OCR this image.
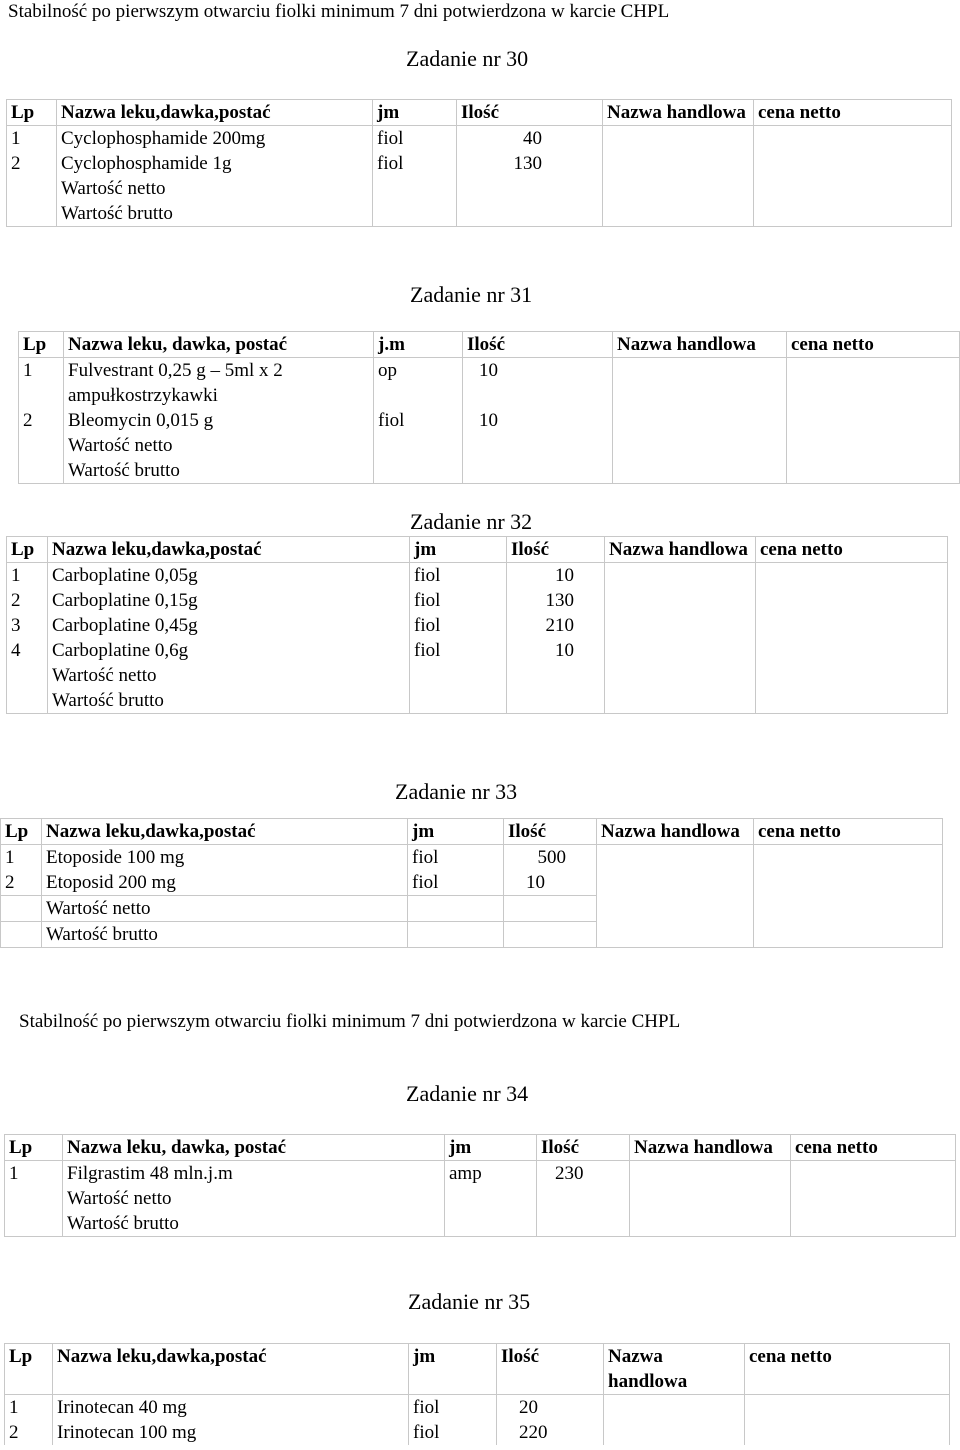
Stabilność po pierwszym otwarciu fiolki minimum 7 dni potwierdzona w karcie CHPL
Zadanie nr 30
Lp	Nazwa leku,dawka,postać	jm	Ilość	Nazwa handlowa	cena netto
1	Cyclophosphamide 200mg	fiol	40		
2	Cyclophosphamide 1g	fiol	130		
	Wartość netto				
	Wartość brutto				
Zadanie nr 31
Lp	Nazwa leku, dawka, postać	j.m	Ilość	Nazwa handlowa	cena netto
1	Fulvestrant 0,25 g – 5ml x 2 ampułkostrzykawki	op	10		
2	Bleomycin 0,015 g	fiol	10		
	Wartość netto				
	Wartość brutto				
Zadanie nr 32
Lp	Nazwa leku,dawka,postać	jm	Ilość	Nazwa handlowa	cena netto
1	Carboplatine 0,05g	fiol	10		
2	Carboplatine 0,15g	fiol	130		
3	Carboplatine 0,45g	fiol	210		
4	Carboplatine 0,6g	fiol	10		
	Wartość netto				
	Wartość brutto				
Zadanie nr 33
Lp	Nazwa leku,dawka,postać	jm	Ilość	Nazwa handlowa	cena netto
1	Etoposide 100 mg	fiol	500		
2	Etoposid 200 mg	fiol	10		
	Wartość netto				
	Wartość brutto				
Stabilność po pierwszym otwarciu fiolki minimum 7 dni potwierdzona w karcie CHPL
Zadanie nr 34
Lp	Nazwa leku, dawka, postać	jm	Ilość	Nazwa handlowa	cena netto
1	Filgrastim 48 mln.j.m	amp	230		
	Wartość netto				
	Wartość brutto				
Zadanie nr 35
Lp	Nazwa leku,dawka,postać	jm	Ilość	Nazwa handlowa	cena netto
1	Irinotecan 40 mg	fiol	20		
2	Irinotecan 100 mg	fiol	220		
